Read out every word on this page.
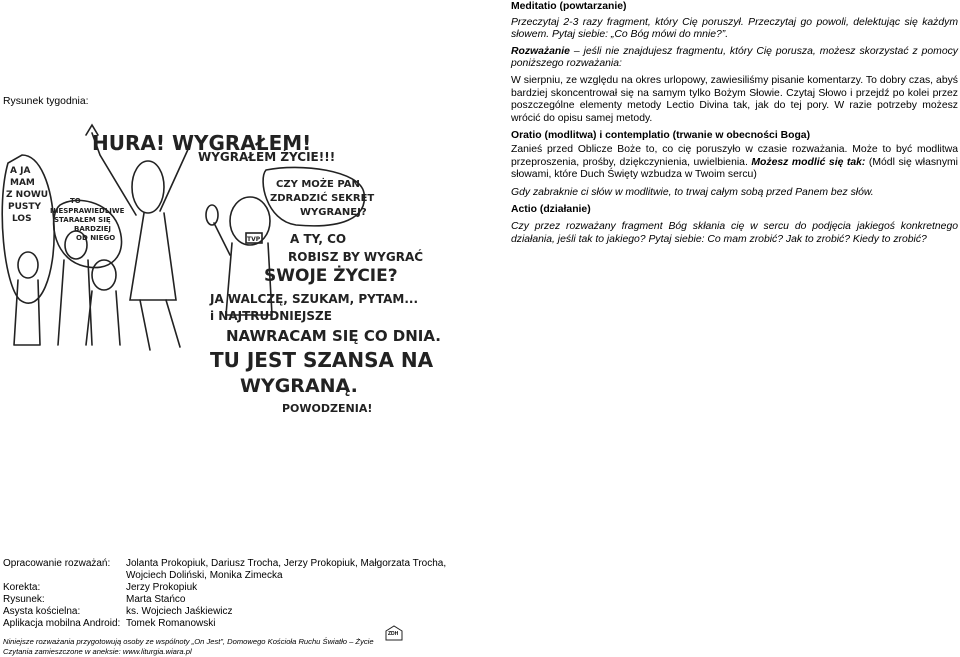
Rysunek tygodnia:

Meditatio (powtarzanie)

Przeczytaj 2-3 razy fragment, który Cię poruszył. Przeczytaj go powoli, delektując się każdym słowem. Pytaj siebie: „Co Bóg mówi do mnie?”.

Rozważanie – jeśli nie znajdujesz fragmentu, który Cię porusza, możesz skorzystać z pomocy poniższego rozważania:

W sierpniu, ze względu na okres urlopowy, zawiesiliśmy pisanie komentarzy. To dobry czas, abyś bardziej skoncentrował się na samym tylko Bożym Słowie. Czytaj Słowo i przejdź po kolei przez poszczególne elementy metody Lectio Divina tak, jak do tej pory. W razie potrzeby możesz wrócić do opisu samej metody.

Oratio (modlitwa) i contemplatio (trwanie w obecności Boga)

Zanieś przed Oblicze Boże to, co cię poruszyło w czasie rozważania. Może to być modlitwa przeproszenia, prośby, dziękczynienia, uwielbienia. Możesz modlić się tak: (Módl się własnymi słowami, które Duch Święty wzbudza w Twoim sercu)

Gdy zabraknie ci słów w modlitwie, to trwaj całym sobą przed Panem bez słów.

Actio (działanie)

Czy przez rozważany fragment Bóg skłania cię w sercu do podjęcia jakiegoś konkretnego działania, jeśli tak to jakiego? Pytaj siebie: Co mam zrobić? Jak to zrobić? Kiedy to zrobić?

A JA
MAM
Z NOWU
PUSTY
LOS
TO
NIESPRAWIEDLIWE
STARAŁEM SIĘ
BARDZIEJ
OD NIEGO
HURA! WYGRAŁEM!
WYGRAŁEM ŻYCIE!!!
CZY MOŻE PAN
ZDRADZIĆ SEKRET
WYGRANEJ?
TVP A TY, CO
ROBISZ BY WYGRAĆ
SWOJE ŻYCIE?
JA WALCZĘ, SZUKAM, PYTAM...
i NAJTRUDNIEJSZE
NAWRACAM SIĘ CO DNIA.
TU JEST SZANSA NA
WYGRANĄ.
POWODZENIA!
Opracowanie rozważań: Jolanta Prokopiuk, Dariusz Trocha, Jerzy Prokopiuk, Małgorzata Trocha,
Wojciech Doliński, Monika Zimecka
Korekta:	Jerzy Prokopiuk
Rysunek:	Marta Stańco
Asysta kościelna:	ks. Wojciech Jaśkiewicz
Aplikacja mobilna Android: Tomek Romanowski
Niniejsze rozważania przygotowują osoby ze wspólnoty „On Jest”, Domowego Kościoła Ruchu Światło – Życie
Czytania zamieszczone w aneksie: www.liturgia.wiara.pl
ZDH
